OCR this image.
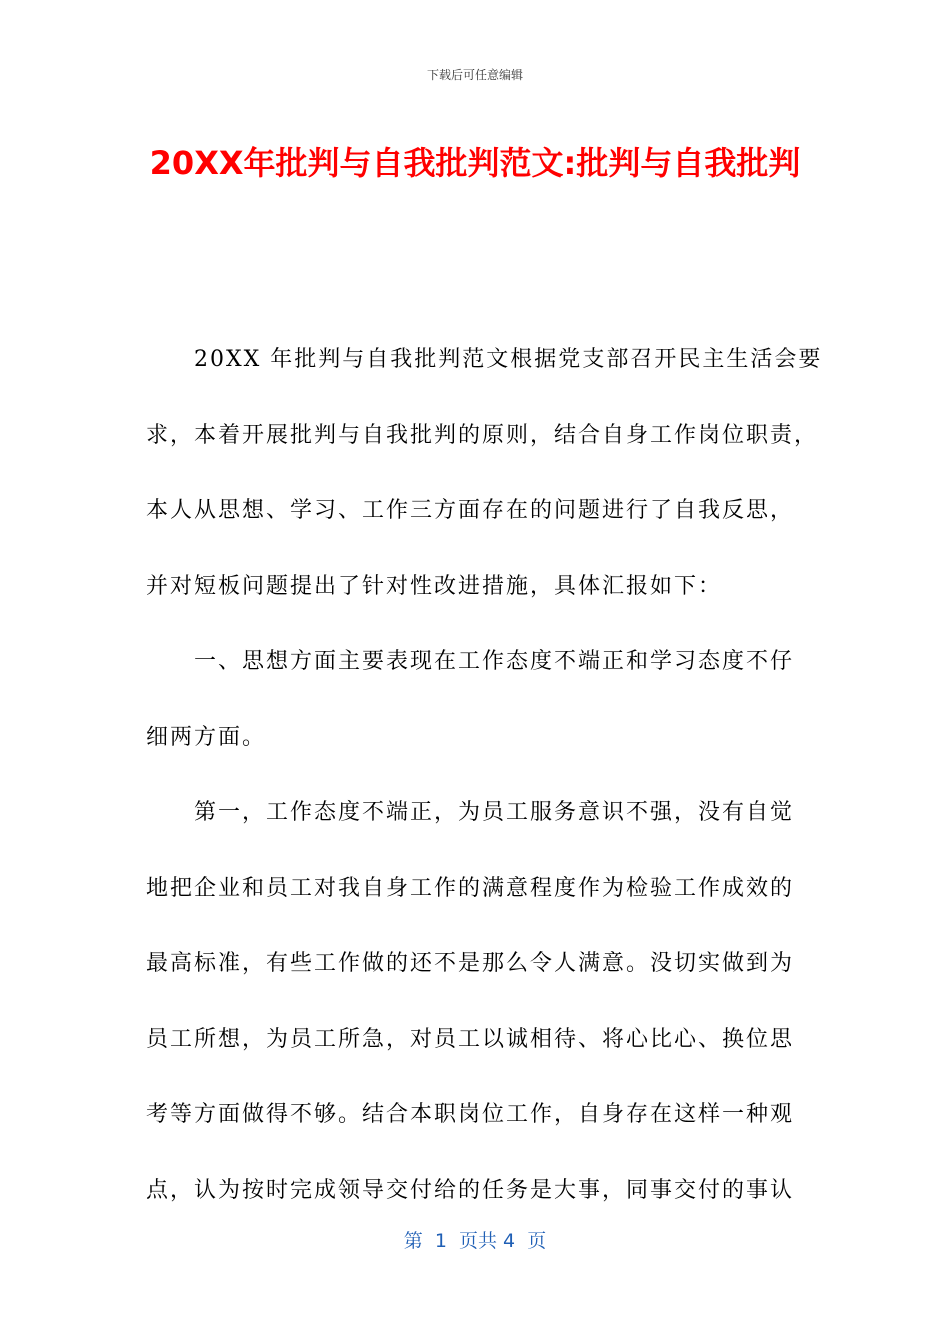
下载后可任意编辑
20XX年批判与自我批判范文:批判与自我批判

20XX 年批判与自我批判范文根据党支部召开民主生活会要
求，本着开展批判与自我批判的原则，结合自身工作岗位职责，
本人从思想、学习、工作三方面存在的问题进行了自我反思，
并对短板问题提出了针对性改进措施，具体汇报如下：

一、思想方面主要表现在工作态度不端正和学习态度不仔
细两方面。

第一，工作态度不端正，为员工服务意识不强，没有自觉
地把企业和员工对我自身工作的满意程度作为检验工作成效的
最高标准，有些工作做的还不是那么令人满意。没切实做到为
员工所想，为员工所急，对员工以诚相待、将心比心、换位思
考等方面做得不够。结合本职岗位工作，自身存在这样一种观
点，认为按时完成领导交付给的任务是大事，同事交付的事认

第  1  页共 4  页
